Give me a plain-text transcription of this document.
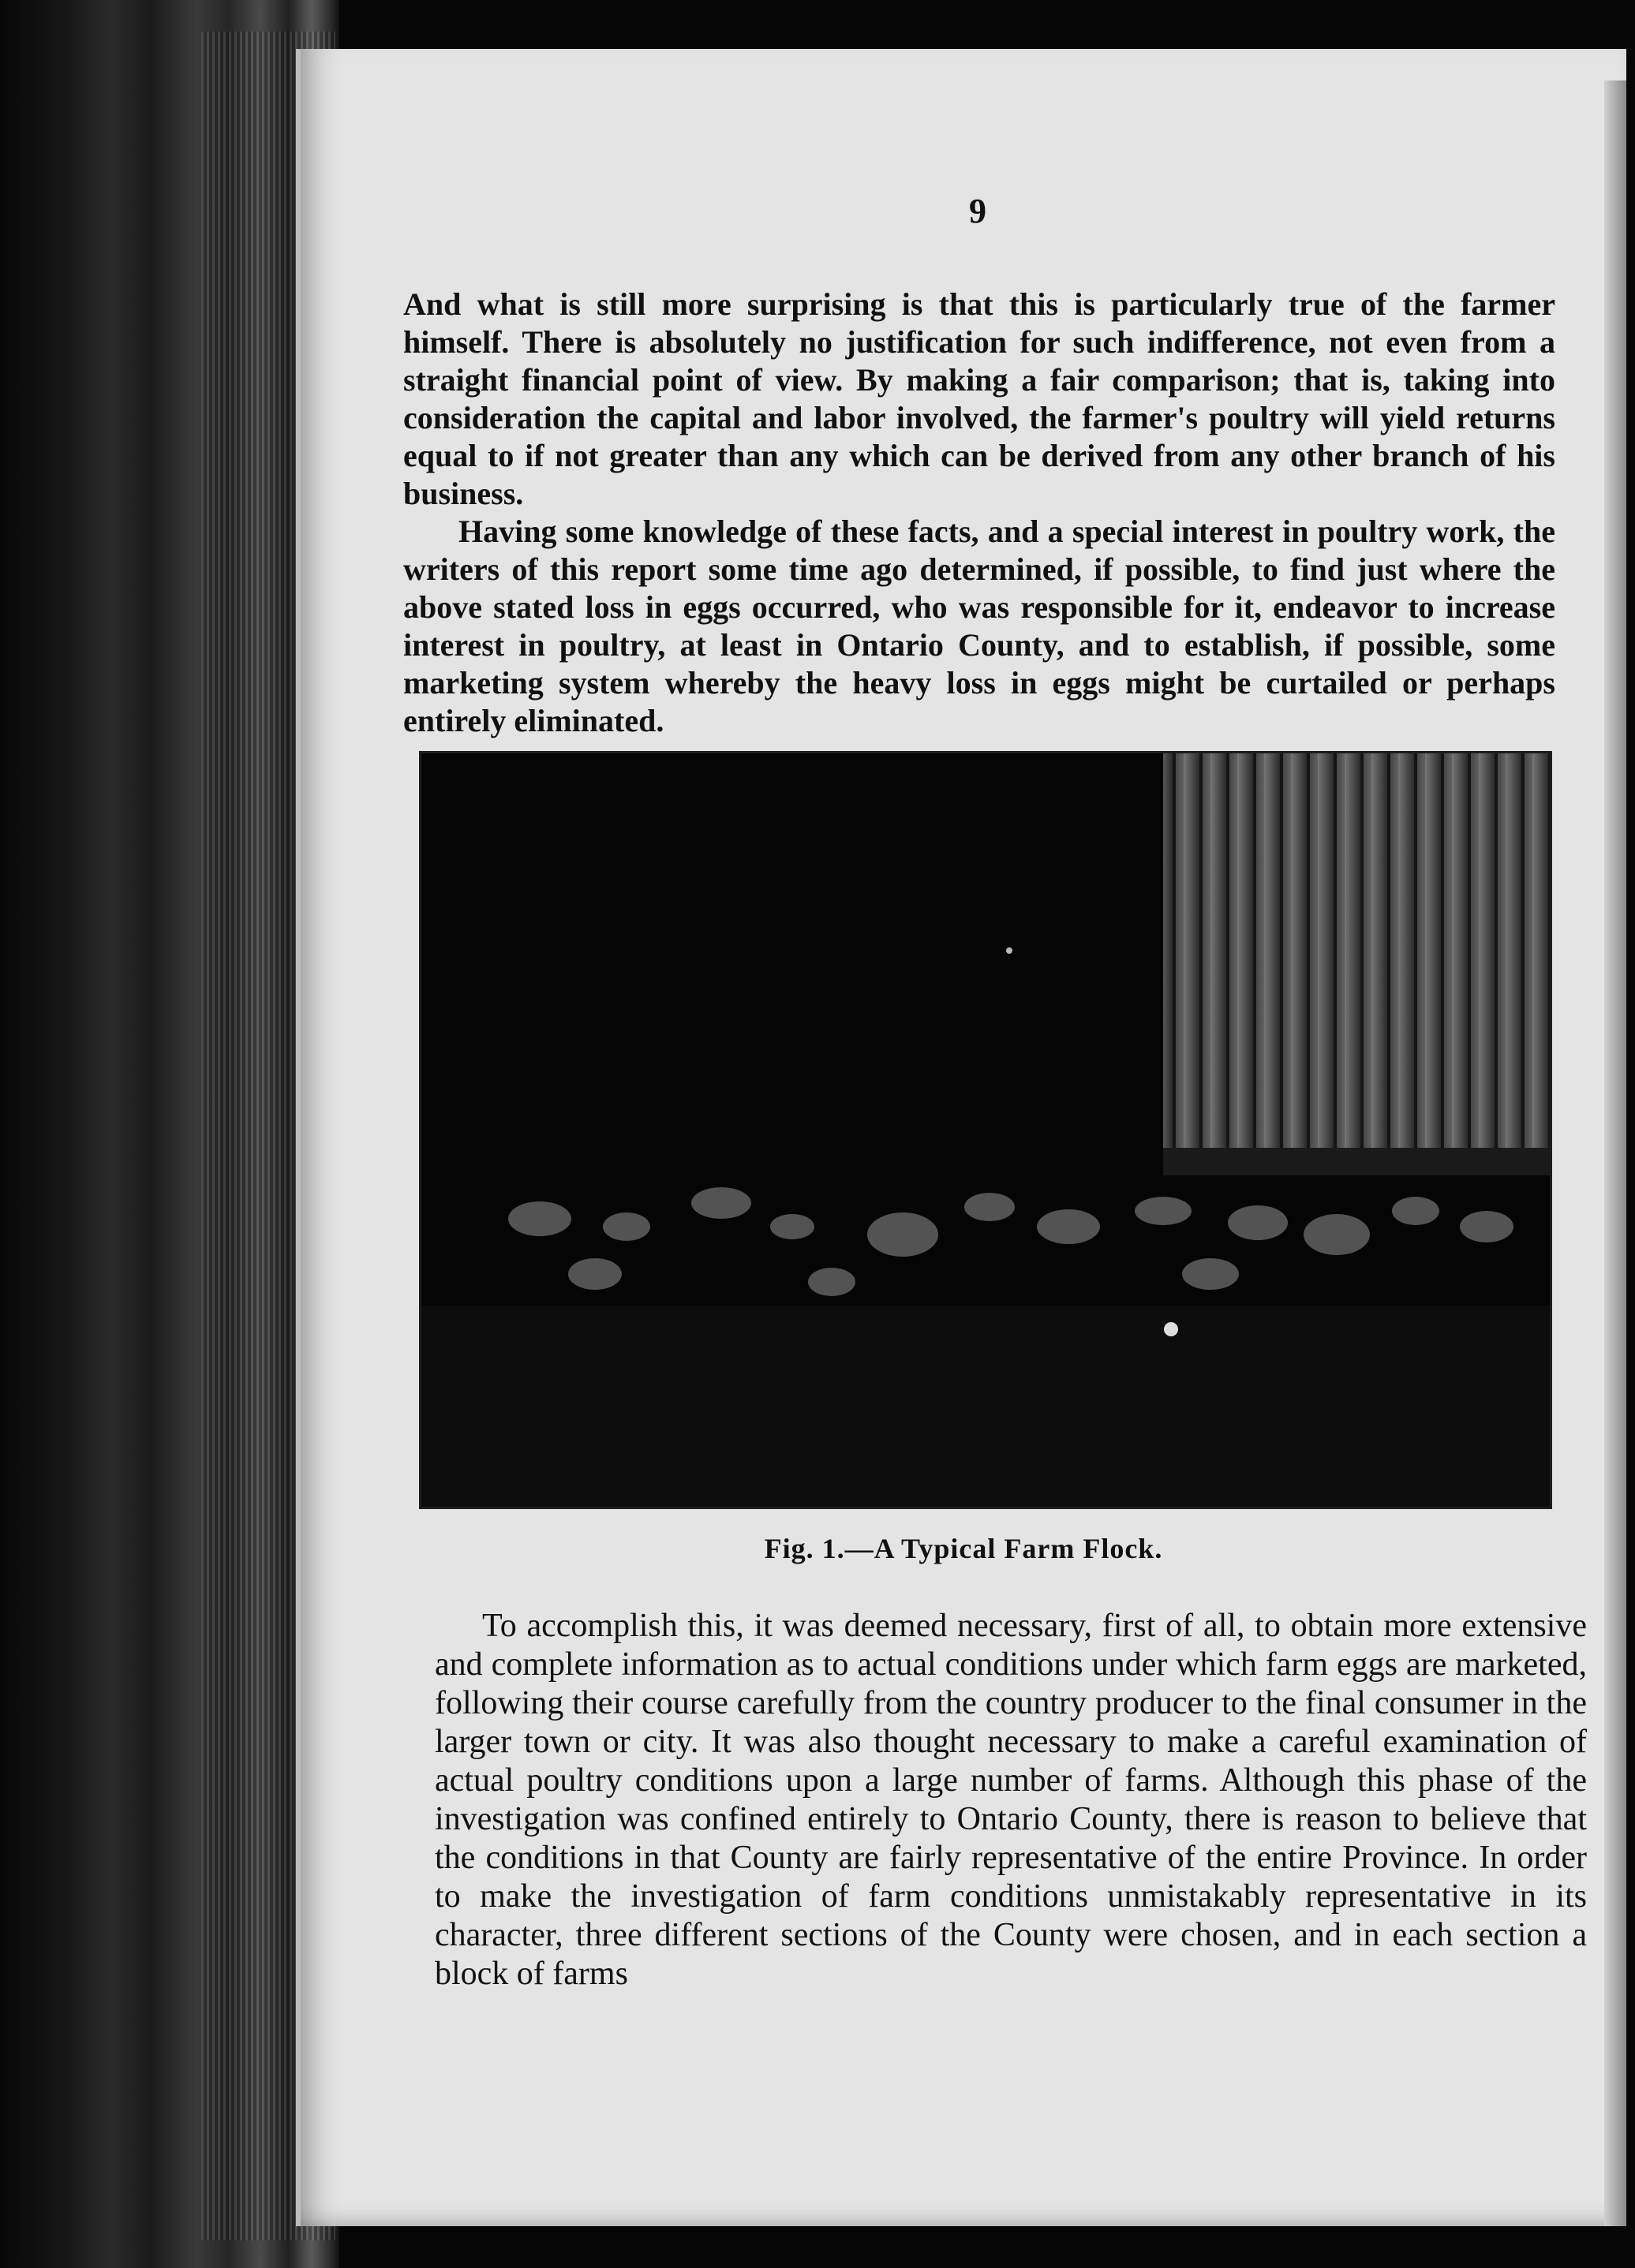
9

And what is still more surprising is that this is particularly true of the farmer himself. There is absolutely no justification for such indifference, not even from a straight financial point of view. By making a fair comparison; that is, taking into consideration the capital and labor involved, the farmer's poultry will yield returns equal to if not greater than any which can be derived from any other branch of his business.

Having some knowledge of these facts, and a special interest in poultry work, the writers of this report some time ago determined, if possible, to find just where the above stated loss in eggs occurred, who was responsible for it, endeavor to increase interest in poultry, at least in Ontario County, and to establish, if possible, some marketing system whereby the heavy loss in eggs might be curtailed or perhaps entirely eliminated.

Fig. 1.—A Typical Farm Flock.

To accomplish this, it was deemed necessary, first of all, to obtain more extensive and complete information as to actual conditions under which farm eggs are marketed, following their course carefully from the country producer to the final consumer in the larger town or city. It was also thought necessary to make a careful examination of actual poultry conditions upon a large number of farms. Although this phase of the investigation was confined entirely to Ontario County, there is reason to believe that the conditions in that County are fairly representative of the entire Province. In order to make the investigation of farm conditions unmistakably representative in its character, three different sections of the County were chosen, and in each section a block of farms
